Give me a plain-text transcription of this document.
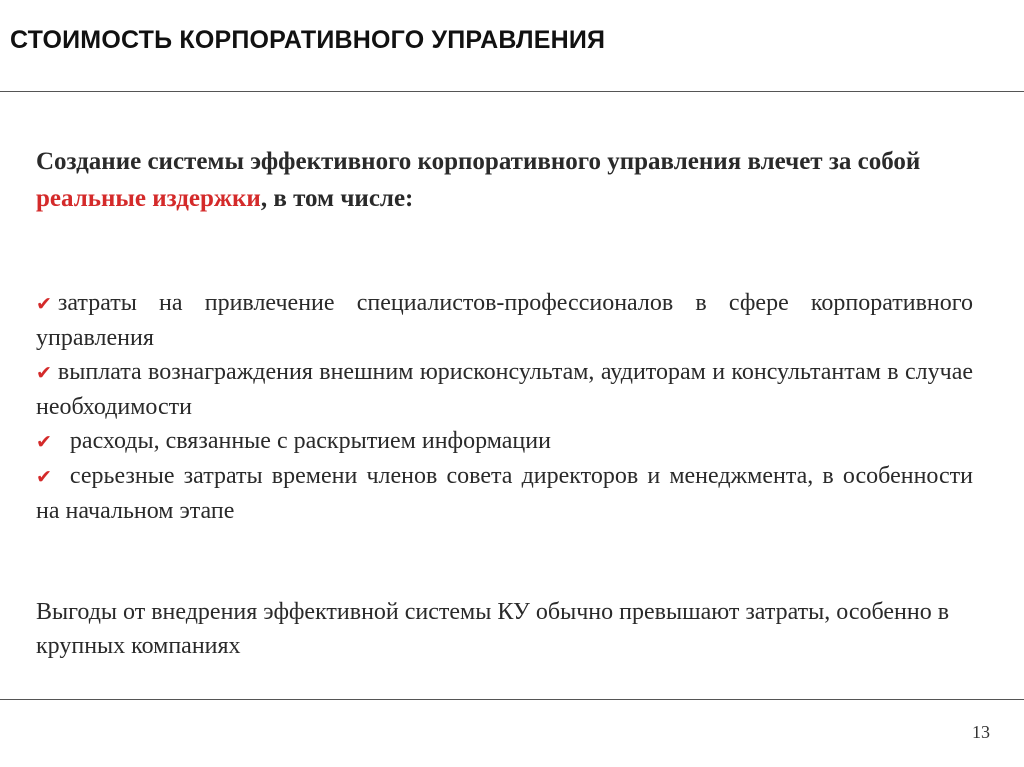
СТОИМОСТЬ КОРПОРАТИВНОГО УПРАВЛЕНИЯ
Создание системы эффективного корпоративного управления влечет за собой реальные издержки, в том числе:
✔ затраты на привлечение специалистов-профессионалов в сфере корпоративного управления
✔ выплата вознаграждения внешним юрисконсультам, аудиторам и консультантам в случае необходимости
✔ расходы, связанные с раскрытием информации
✔ серьезные затраты времени членов совета директоров и менеджмента, в особенности на начальном этапе
Выгоды от внедрения эффективной системы КУ обычно превышают затраты, особенно в крупных компаниях
13
